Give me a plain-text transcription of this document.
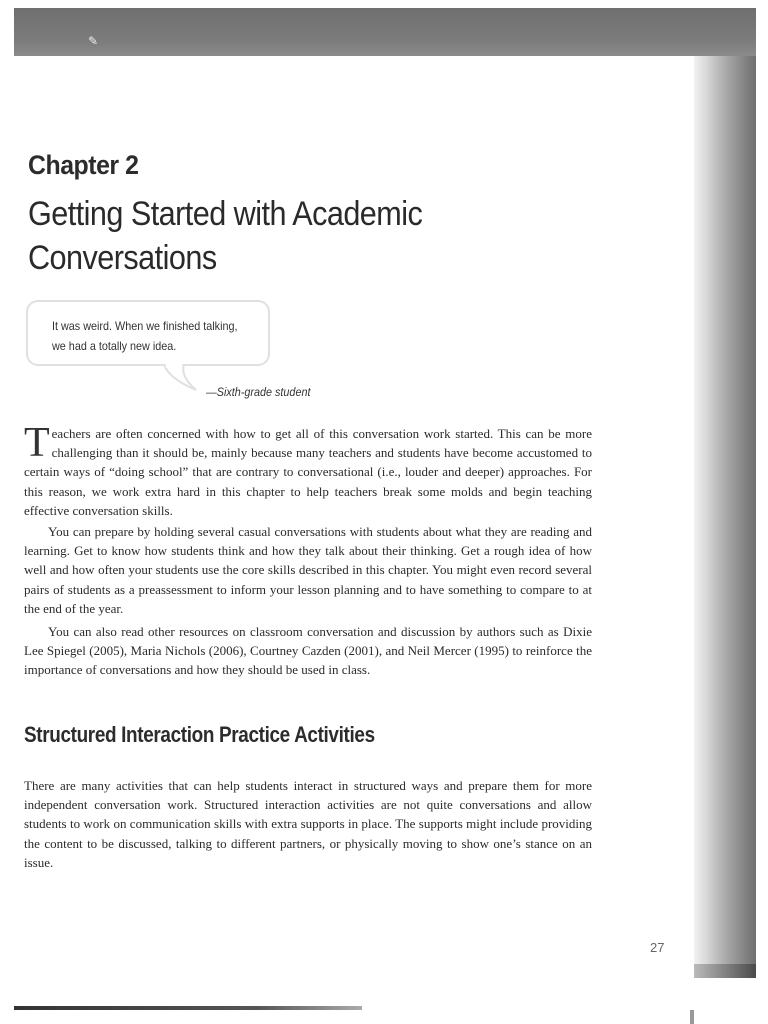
✎
Chapter 2
Getting Started with Academic Conversations
It was weird. When we finished talking, we had a totally new idea.
—Sixth-grade student

Teachers are often concerned with how to get all of this conversation work started. This can be more challenging than it should be, mainly because many teachers and students have become accustomed to certain ways of “doing school” that are contrary to conversational (i.e., louder and deeper) approaches. For this reason, we work extra hard in this chapter to help teachers break some molds and begin teaching effective conversation skills.

You can prepare by holding several casual conversations with students about what they are reading and learning. Get to know how students think and how they talk about their thinking. Get a rough idea of how well and how often your students use the core skills described in this chapter. You might even record several pairs of students as a preassessment to inform your lesson planning and to have something to compare to at the end of the year.

You can also read other resources on classroom conversation and discussion by authors such as Dixie Lee Spiegel (2005), Maria Nichols (2006), Courtney Cazden (2001), and Neil Mercer (1995) to reinforce the importance of conversations and how they should be used in class.

Structured Interaction Practice Activities

There are many activities that can help students interact in structured ways and prepare them for more independent conversation work. Structured interaction activities are not quite conversations and allow students to work on communication skills with extra supports in place. The supports might include providing the content to be discussed, talking to different partners, or physically moving to show one’s stance on an issue.

27
